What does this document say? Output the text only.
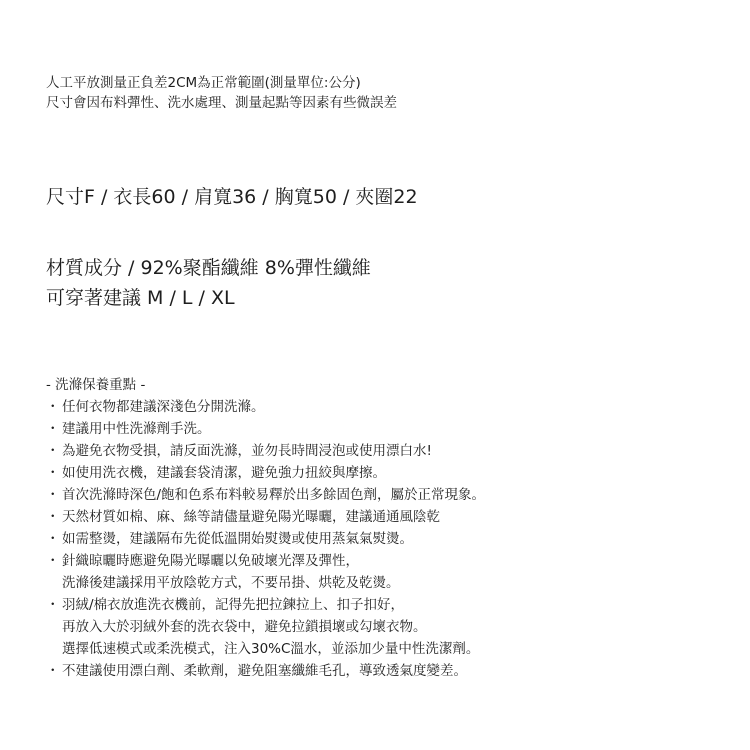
人工平放測量正負差2CM為正常範圍(測量單位:公分)
尺寸會因布料彈性、洗水處理、測量起點等因素有些微誤差
尺寸F / 衣長60 / 肩寬36 / 胸寬50 / 夾圈22
材質成分 / 92%聚酯纖維 8%彈性纖維
可穿著建議 M / L / XL
- 洗滌保養重點 -
・ 任何衣物都建議深淺色分開洗滌。
・ 建議用中性洗滌劑手洗。
・ 為避免衣物受損，請反面洗滌，並勿長時間浸泡或使用漂白水!
・ 如使用洗衣機，建議套袋清潔，避免強力扭絞與摩擦。
・ 首次洗滌時深色/飽和色系布料較易釋於出多餘固色劑，屬於正常現象。
・ 天然材質如棉、麻、絲等請儘量避免陽光曝曬，建議通通風陰乾
・ 如需整燙，建議隔布先從低溫開始熨燙或使用蒸氣氣熨燙。
・ 針織晾曬時應避免陽光曝曬以免破壞光澤及彈性，
洗滌後建議採用平放陰乾方式，不要吊掛、烘乾及乾燙。
・ 羽絨/棉衣放進洗衣機前，記得先把拉鍊拉上、扣子扣好，
再放入大於羽絨外套的洗衣袋中，避免拉鎖損壞或勾壞衣物。
選擇低速模式或柔洗模式，注入30%C溫水，並添加少量中性洗潔劑。
・ 不建議使用漂白劑、柔軟劑，避免阻塞纖維毛孔，導致透氣度變差。
